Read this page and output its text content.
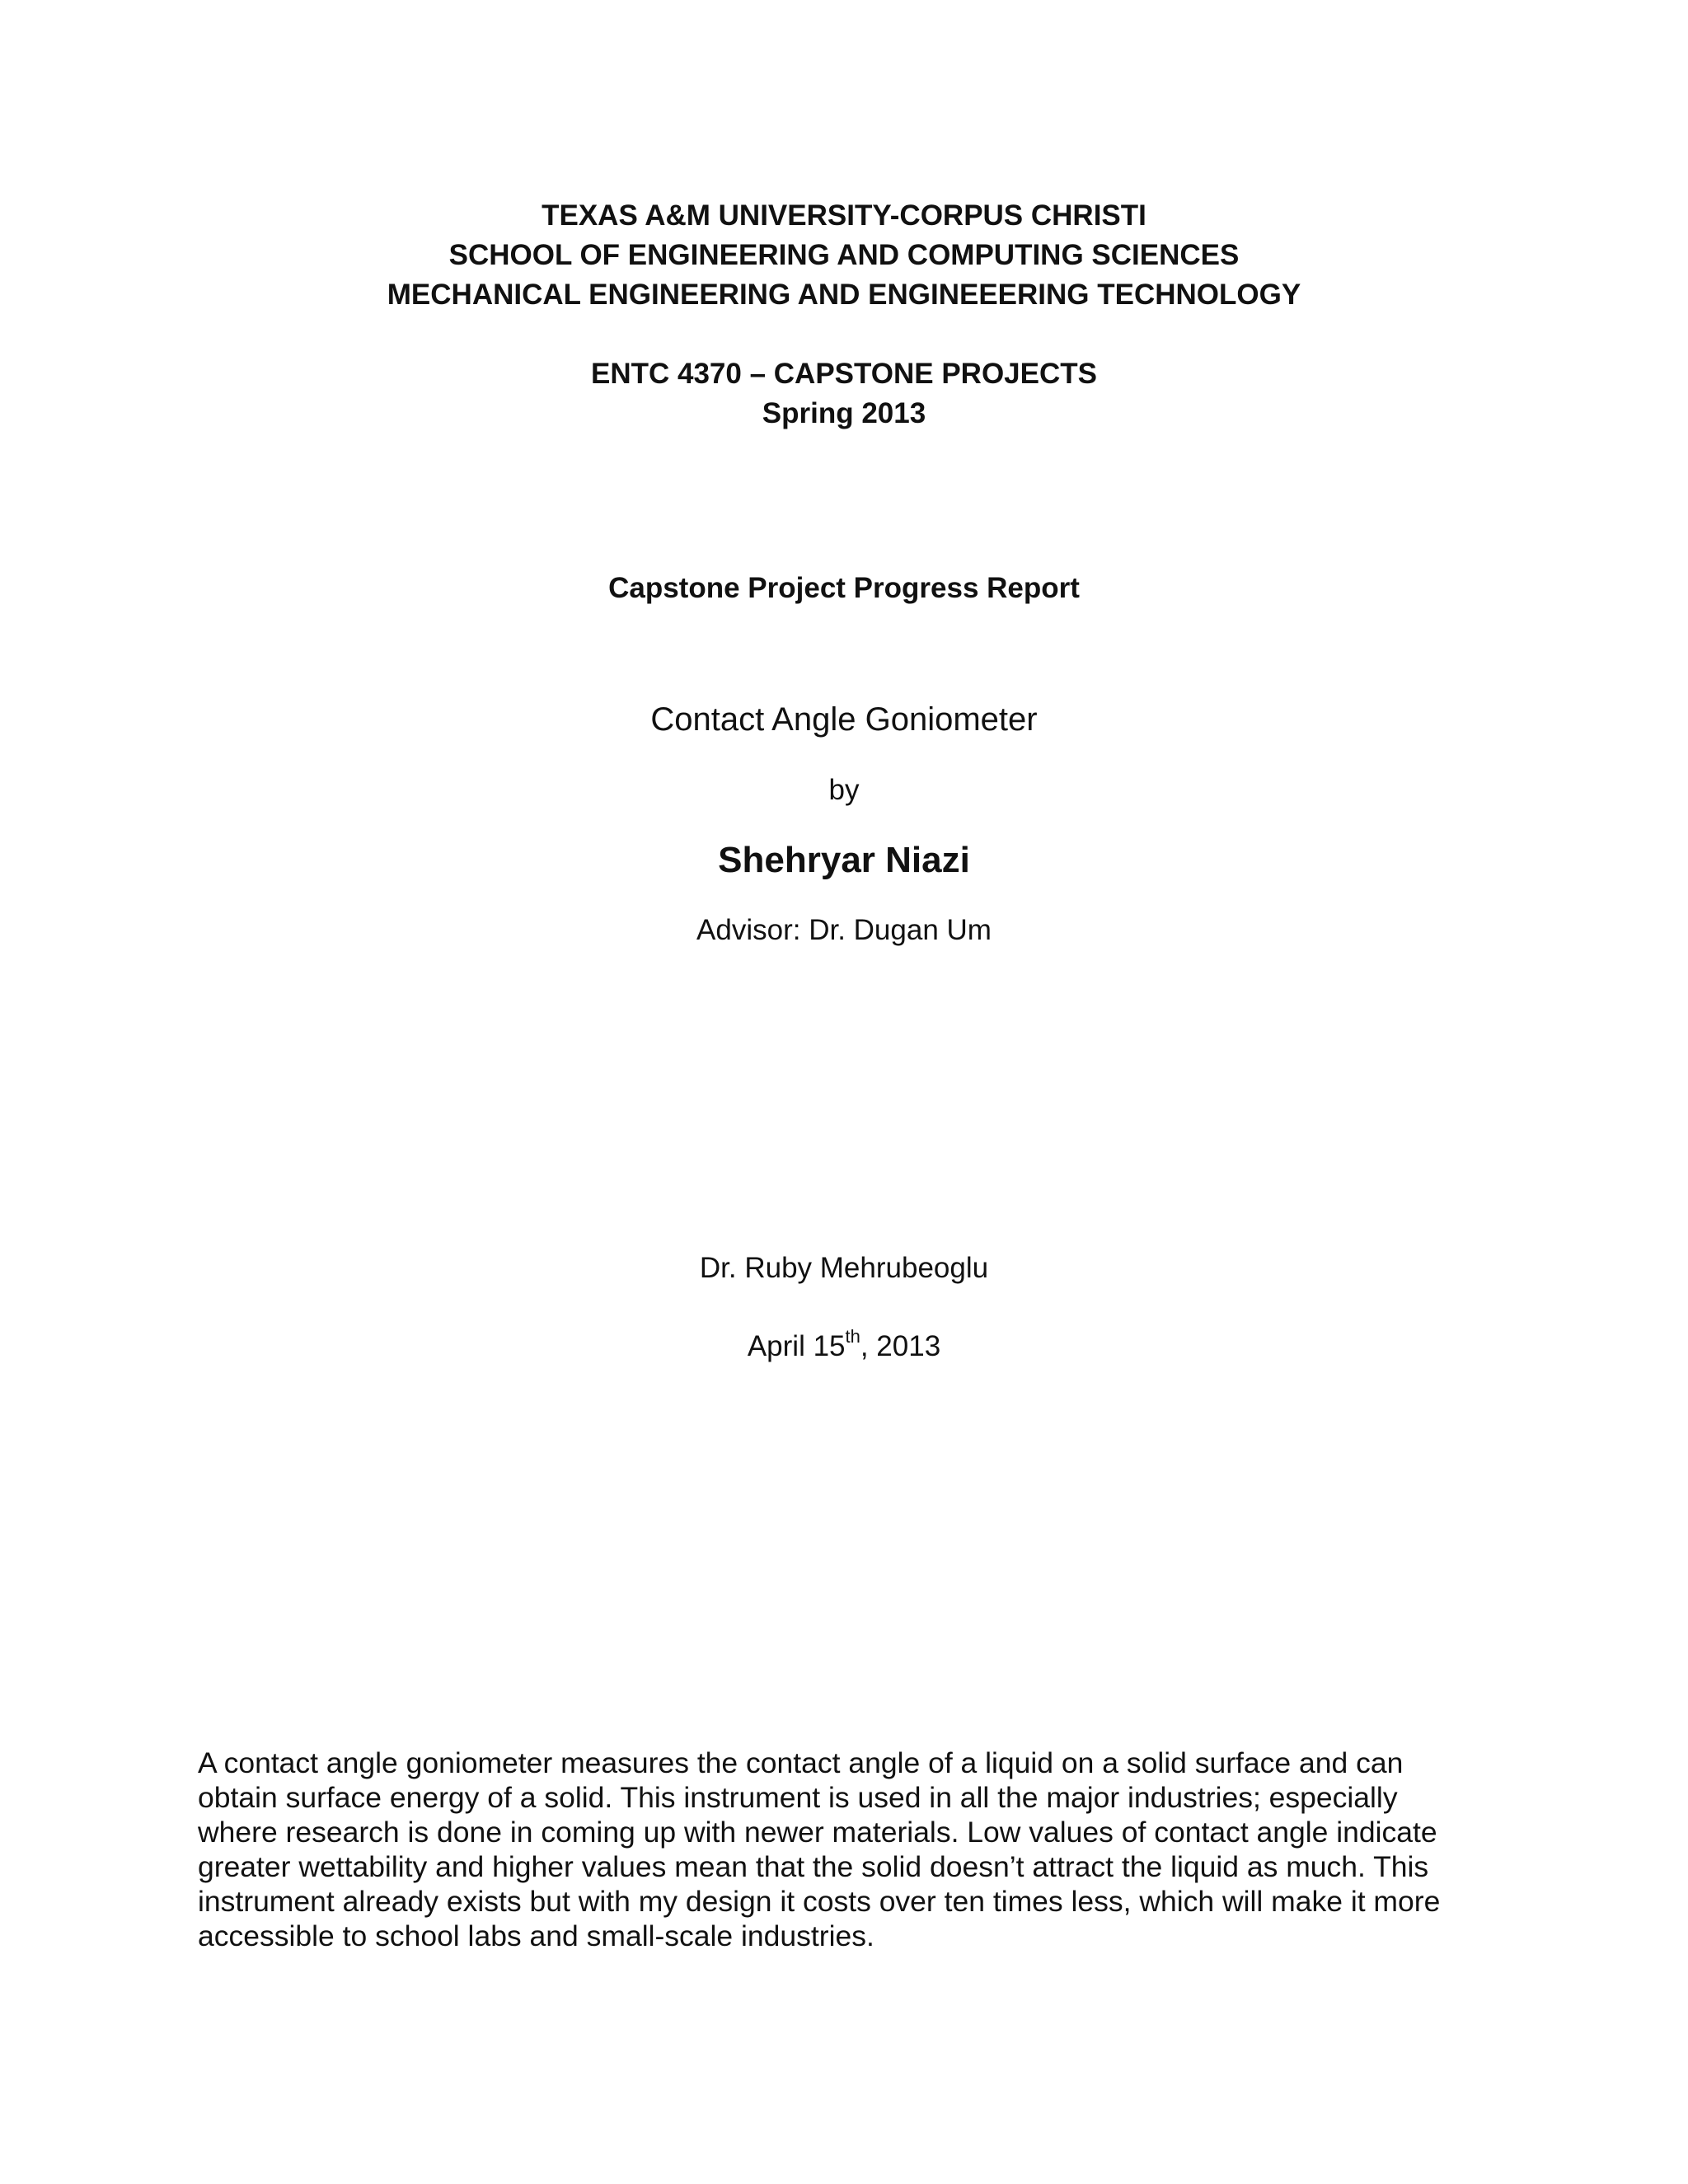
TEXAS A&M UNIVERSITY-CORPUS CHRISTI
SCHOOL OF ENGINEERING AND COMPUTING SCIENCES
MECHANICAL ENGINEERING AND ENGINEEERING TECHNOLOGY
ENTC 4370 – CAPSTONE PROJECTS
Spring 2013
Capstone Project Progress Report
Contact Angle Goniometer
by
Shehryar Niazi
Advisor: Dr. Dugan Um
Dr. Ruby Mehrubeoglu
April 15th, 2013
A contact angle goniometer measures the contact angle of a liquid on a solid surface and can
obtain surface energy of a solid. This instrument is used in all the major industries; especially
where research is done in coming up with newer materials. Low values of contact angle indicate
greater wettability and higher values mean that the solid doesn’t attract the liquid as much. This
instrument already exists but with my design it costs over ten times less, which will make it more
accessible to school labs and small-scale industries.
